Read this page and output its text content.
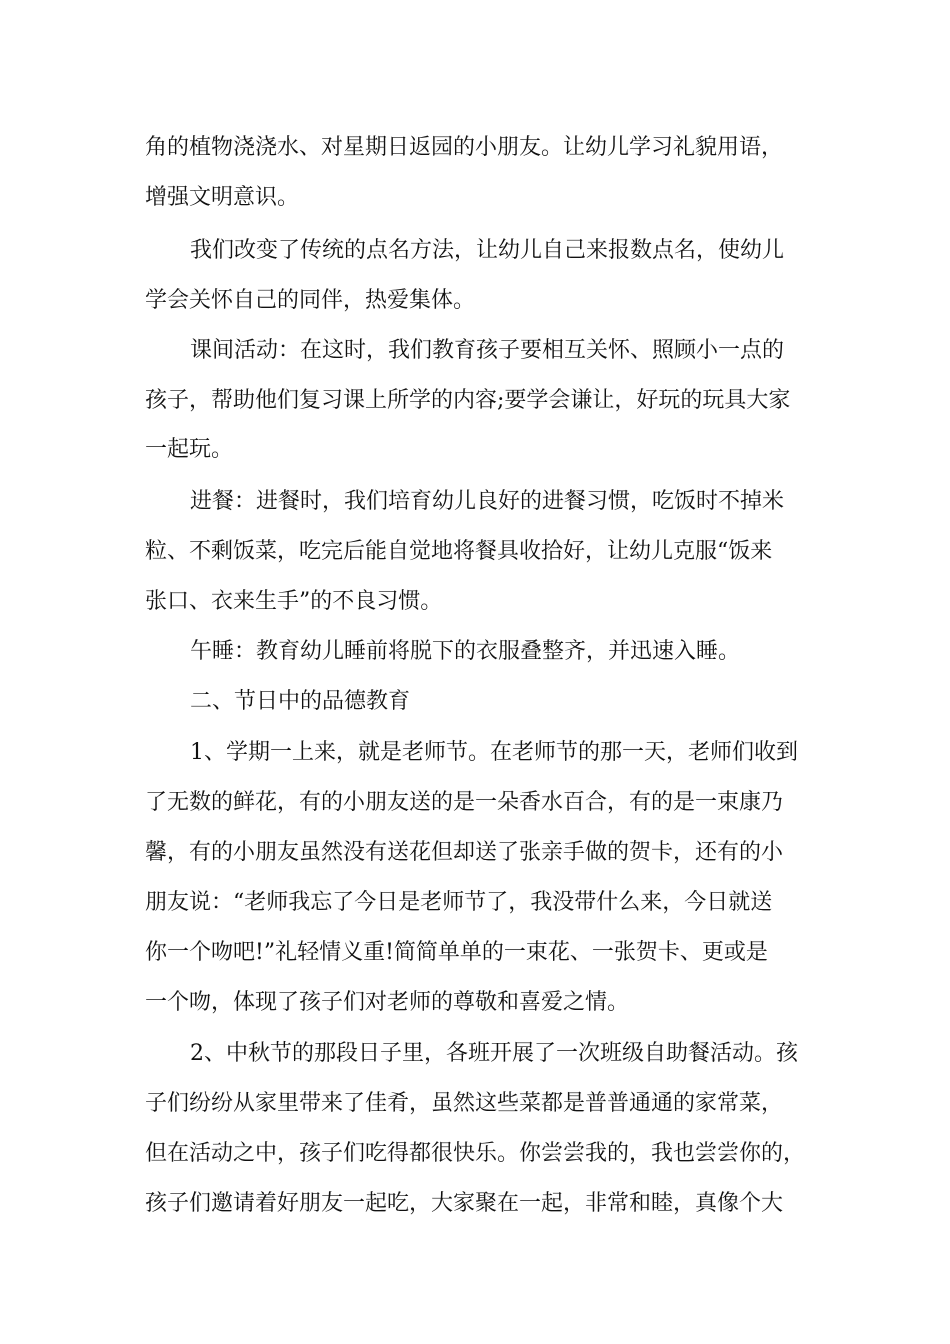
角的植物浇浇水、对星期日返园的小朋友。让幼儿学习礼貌用语，

增强文明意识。

我们改变了传统的点名方法，让幼儿自己来报数点名，使幼儿

学会关怀自己的同伴，热爱集体。

课间活动：在这时，我们教育孩子要相互关怀、照顾小一点的

孩子，帮助他们复习课上所学的内容;要学会谦让，好玩的玩具大家

一起玩。

进餐：进餐时，我们培育幼儿良好的进餐习惯，吃饭时不掉米

粒、不剩饭菜，吃完后能自觉地将餐具收拾好，让幼儿克服“饭来

张口、衣来生手”的不良习惯。

午睡：教育幼儿睡前将脱下的衣服叠整齐，并迅速入睡。

二、节日中的品德教育

1、学期一上来，就是老师节。在老师节的那一天，老师们收到

了无数的鲜花，有的小朋友送的是一朵香水百合，有的是一束康乃

馨，有的小朋友虽然没有送花但却送了张亲手做的贺卡，还有的小

朋友说：“老师我忘了今日是老师节了，我没带什么来，今日就送

你一个吻吧!”礼轻情义重!简简单单的一束花、一张贺卡、更或是

一个吻，体现了孩子们对老师的尊敬和喜爱之情。

2、中秋节的那段日子里，各班开展了一次班级自助餐活动。孩

子们纷纷从家里带来了佳肴，虽然这些菜都是普普通通的家常菜，

但在活动之中，孩子们吃得都很快乐。你尝尝我的，我也尝尝你的，

孩子们邀请着好朋友一起吃，大家聚在一起，非常和睦，真像个大
